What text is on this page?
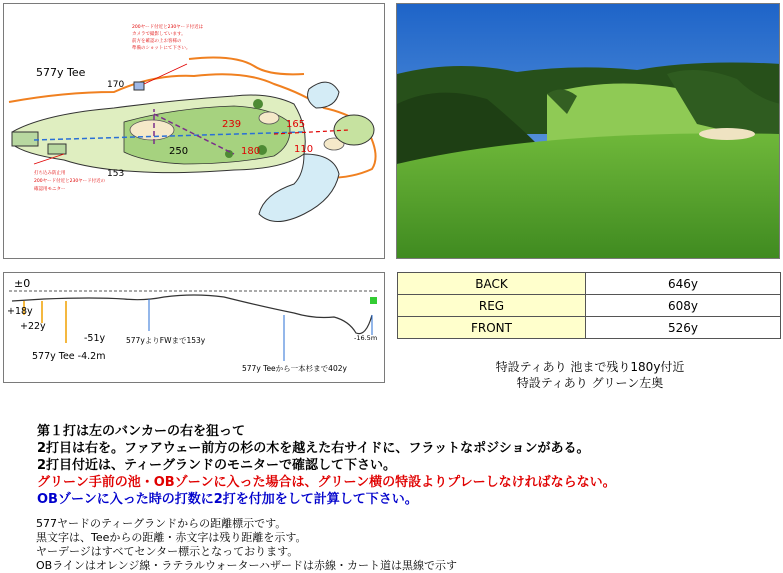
200ヤード付近と230ヤード付近は
カメラで撮影しています。
前方を確認の上お客様の
準備のショットにて下さい。
打ち込み防止用
200ヤード付近と230ヤード付近の
確認用モニター
577y Tee
170
153
250
239
180
165
110
±0
+18y
+22y
-51y
577y Tee -4.2m
577yよりFWまで153y
577y Teeから一本杉まで402y
-16.5m
BACK	646y
REG	608y
FRONT	526y
特設ティあり 池まで残り180y付近
特設ティあり グリーン左奥
第１打は左のバンカーの右を狙って
2打目は右を。ファアウェー前方の杉の木を越えた右サイドに、フラットなポジションがある。
2打目付近は、ティーグランドのモニターで確認して下さい。
グリーン手前の池・OBゾーンに入った場合は、グリーン横の特設よりプレーしなければならない。
OBゾーンに入った時の打数に2打を付加をして計算して下さい。
577ヤードのティーグランドからの距離標示です。
黒文字は、Teeからの距離・赤文字は残り距離を示す。
ヤーデージはすべてセンター標示となっております。
OBラインはオレンジ線・ラテラルウォーターハザードは赤線・カート道は黒線で示す
